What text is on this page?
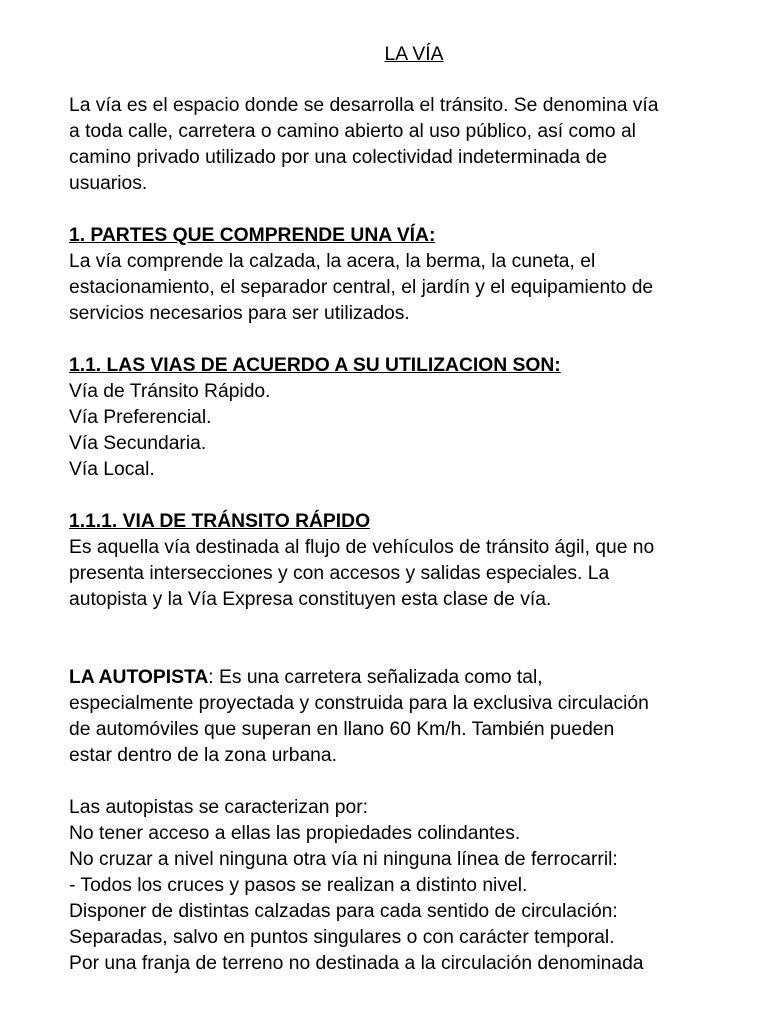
LA VÍA

La vía es el espacio donde se desarrolla el tránsito. Se denomina vía
a toda calle, carretera o camino abierto al uso público, así como al
camino privado utilizado por una colectividad indeterminada de
usuarios.

1. PARTES QUE COMPRENDE UNA VÍA:
La vía comprende la calzada, la acera, la berma, la cuneta, el
estacionamiento, el separador central, el jardín y el equipamiento de
servicios necesarios para ser utilizados.

1.1. LAS VIAS DE ACUERDO A SU UTILIZACION SON:
Vía de Tránsito Rápido.
Vía Preferencial.
Vía Secundaria.
Vía Local.

1.1.1. VIA DE TRÁNSITO RÁPIDO
Es aquella vía destinada al flujo de vehículos de tránsito ágil, que no
presenta intersecciones y con accesos y salidas especiales. La
autopista y la Vía Expresa constituyen esta clase de vía.

LA AUTOPISTA: Es una carretera señalizada como tal,
especialmente proyectada y construida para la exclusiva circulación
de automóviles que superan en llano 60 Km/h. También pueden
estar dentro de la zona urbana.

Las autopistas se caracterizan por:
No tener acceso a ellas las propiedades colindantes.
No cruzar a nivel ninguna otra vía ni ninguna línea de ferrocarril:
- Todos los cruces y pasos se realizan a distinto nivel.
Disponer de distintas calzadas para cada sentido de circulación:
Separadas, salvo en puntos singulares o con carácter temporal.
Por una franja de terreno no destinada a la circulación denominada
